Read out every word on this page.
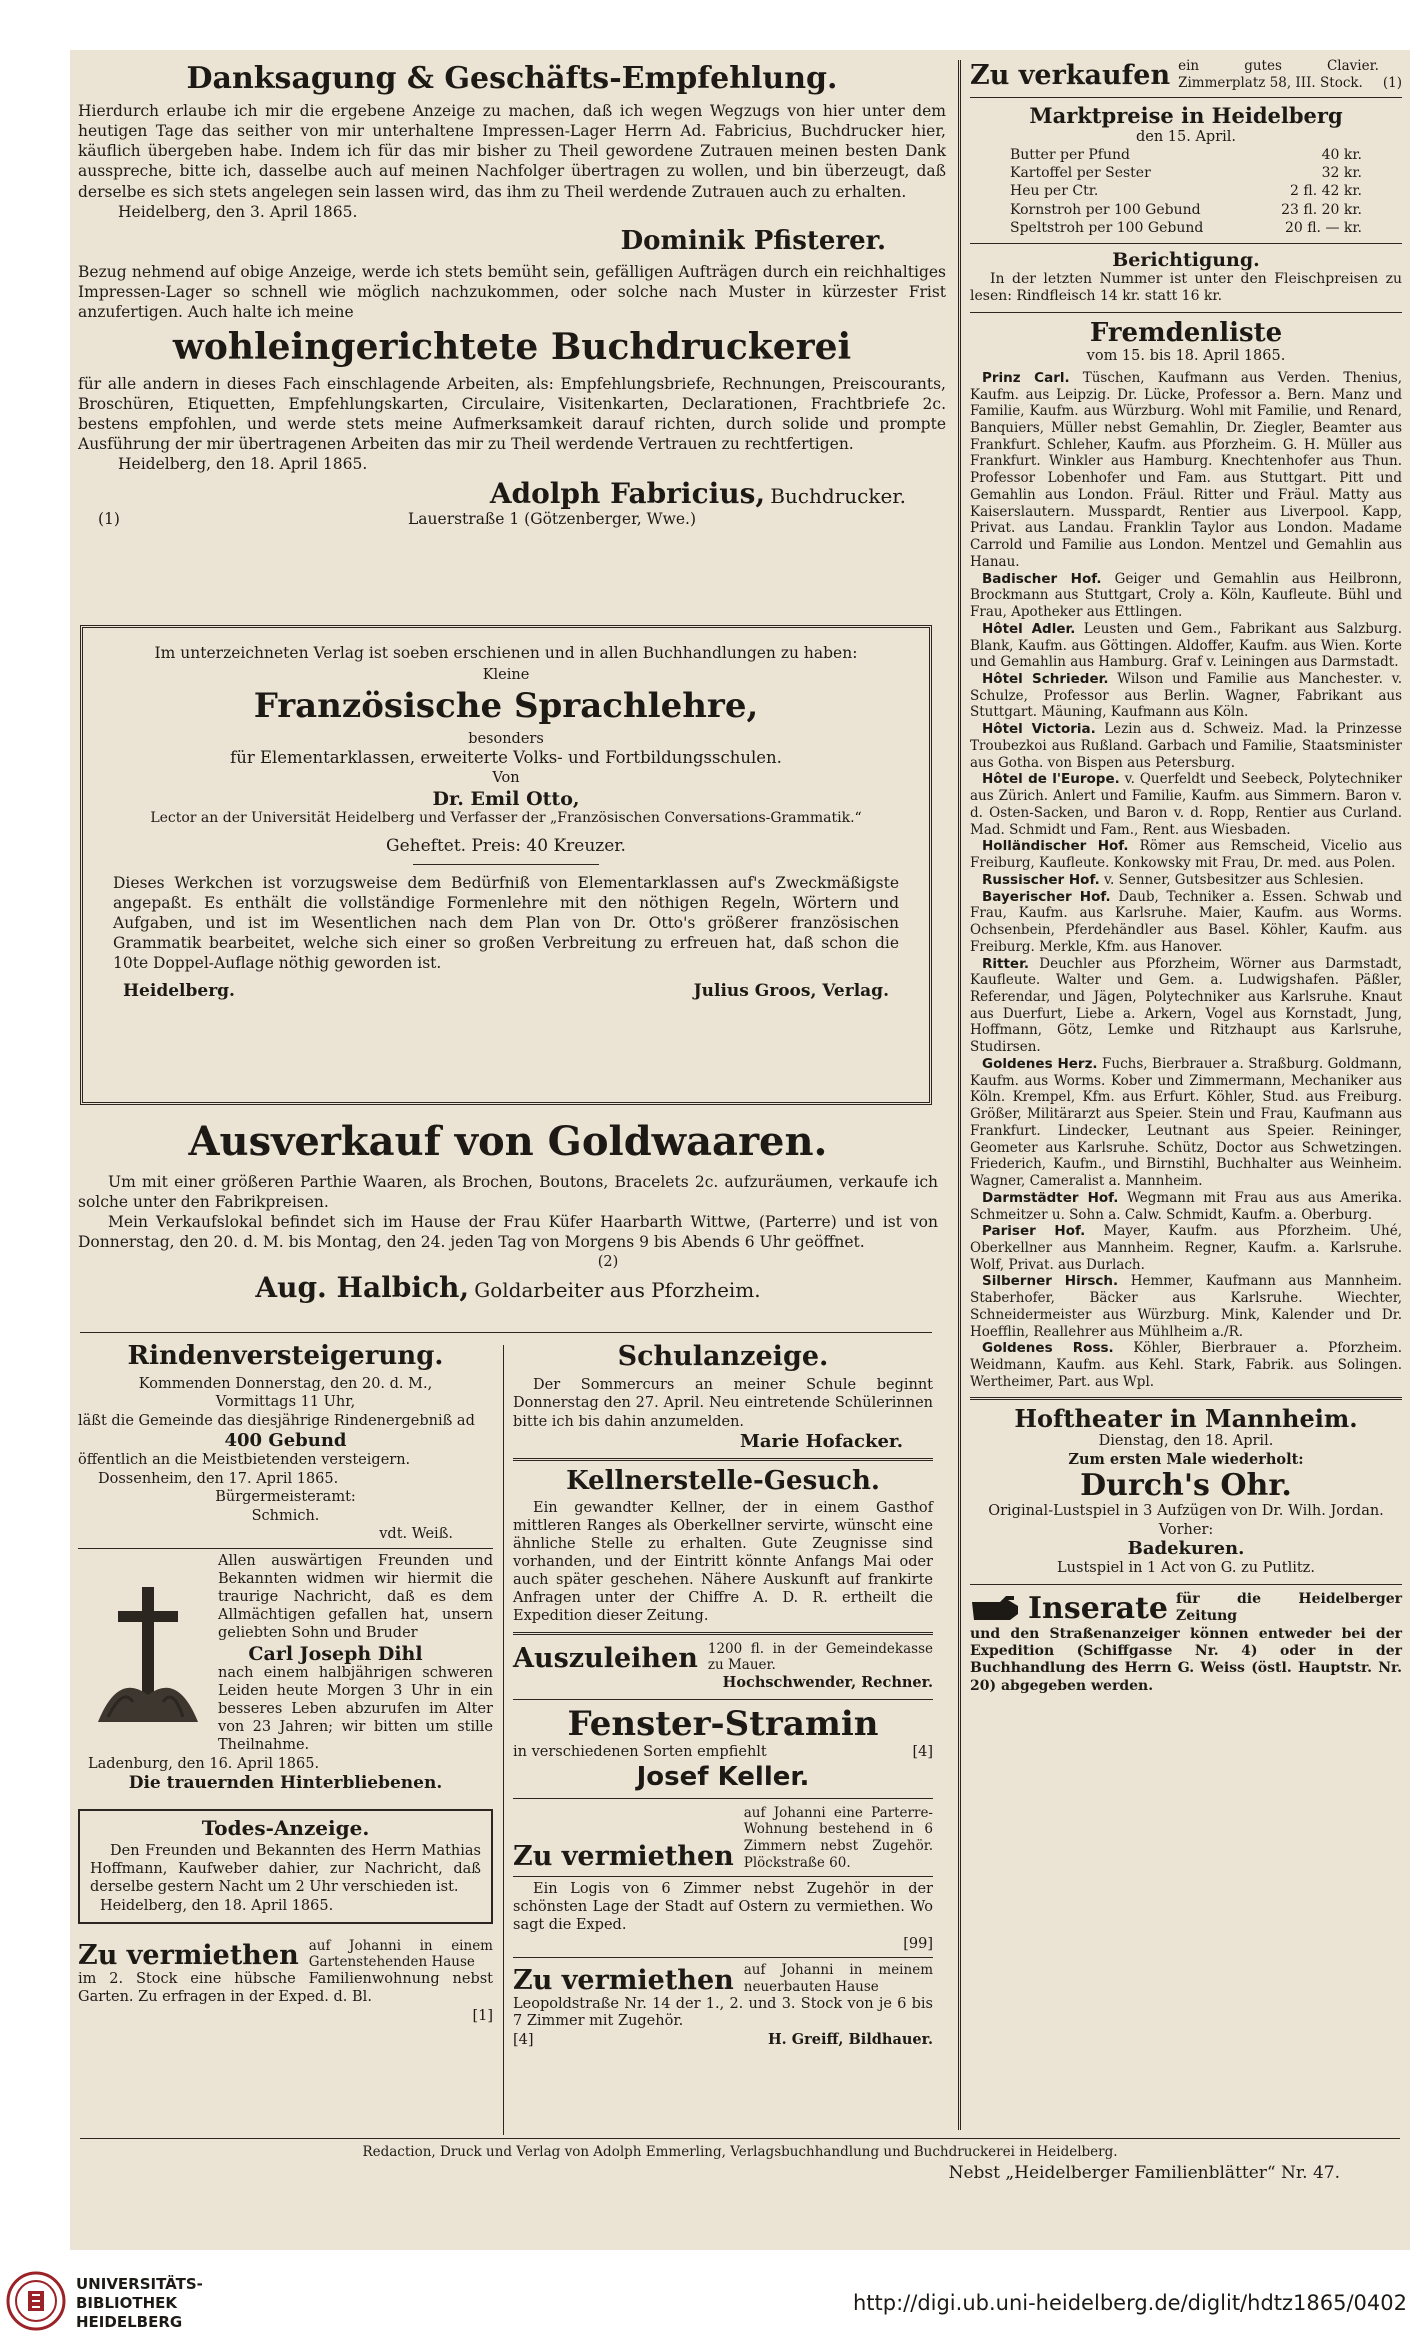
Danksagung & Geschäfts-Empfehlung.

Hierdurch erlaube ich mir die ergebene Anzeige zu machen, daß ich wegen Wegzugs von hier unter dem heutigen Tage das seither von mir unterhaltene Impressen-Lager Herrn Ad. Fabricius, Buchdrucker hier, käuflich übergeben habe. Indem ich für das mir bisher zu Theil gewordene Zutrauen meinen besten Dank ausspreche, bitte ich, dasselbe auch auf meinen Nachfolger übertragen zu wollen, und bin überzeugt, daß derselbe es sich stets angelegen sein lassen wird, das ihm zu Theil werdende Zutrauen auch zu erhalten.

Heidelberg, den 3. April 1865.

Dominik Pfisterer.

Bezug nehmend auf obige Anzeige, werde ich stets bemüht sein, gefälligen Aufträgen durch ein reichhaltiges Impressen-Lager so schnell wie möglich nachzukommen, oder solche nach Muster in kürzester Frist anzufertigen. Auch halte ich meine

wohleingerichtete Buchdruckerei

für alle andern in dieses Fach einschlagende Arbeiten, als: Empfehlungsbriefe, Rechnungen, Preiscourants, Broschüren, Etiquetten, Empfehlungskarten, Circulaire, Visitenkarten, Declarationen, Frachtbriefe 2c. bestens empfohlen, und werde stets meine Aufmerksamkeit darauf richten, durch solide und prompte Ausführung der mir übertragenen Arbeiten das mir zu Theil werdende Vertrauen zu rechtfertigen.

Heidelberg, den 18. April 1865.

Adolph Fabricius, Buchdrucker.
(1)	Lauerstraße 1 (Götzenberger, Wwe.)
Im unterzeichneten Verlag ist soeben erschienen und in allen Buchhandlungen zu haben:
Kleine
Französische Sprachlehre,
besonders
für Elementarklassen, erweiterte Volks- und Fortbildungsschulen.
Von
Dr. Emil Otto,
Lector an der Universität Heidelberg und Verfasser der „Französischen Conversations-Grammatik.“
Geheftet. Preis: 40 Kreuzer.

Dieses Werkchen ist vorzugsweise dem Bedürfniß von Elementarklassen auf's Zweckmäßigste angepaßt. Es enthält die vollständige Formenlehre mit den nöthigen Regeln, Wörtern und Aufgaben, und ist im Wesentlichen nach dem Plan von Dr. Otto's größerer französischen Grammatik bearbeitet, welche sich einer so großen Verbreitung zu erfreuen hat, daß schon die 10te Doppel-Auflage nöthig geworden ist.

Heidelberg.	Julius Groos, Verlag.
Ausverkauf von Goldwaaren.

Um mit einer größeren Parthie Waaren, als Brochen, Boutons, Bracelets 2c. aufzuräumen, verkaufe ich solche unter den Fabrikpreisen.

Mein Verkaufslokal befindet sich im Hause der Frau Küfer Haarbarth Wittwe, (Parterre) und ist von Donnerstag, den 20. d. M. bis Montag, den 24. jeden Tag von Morgens 9 bis Abends 6 Uhr geöffnet.

(2)
Aug. Halbich, Goldarbeiter aus Pforzheim.
Rindenversteigerung.
Kommenden Donnerstag, den 20. d. M.,
Vormittags 11 Uhr,

läßt die Gemeinde das diesjährige Rindenergebniß ad

400 Gebund

öffentlich an die Meistbietenden versteigern.

Dossenheim, den 17. April 1865.
Bürgermeisteramt:
Schmich.
vdt. Weiß.

Allen auswärtigen Freunden und Bekannten widmen wir hiermit die traurige Nachricht, daß es dem Allmächtigen gefallen hat, unsern geliebten Sohn und Bruder

Carl Joseph Dihl

nach einem halbjährigen schweren Leiden heute Morgen 3 Uhr in ein besseres Leben abzurufen im Alter von 23 Jahren; wir bitten um stille Theilnahme.

Ladenburg, den 16. April 1865.
Die trauernden Hinterbliebenen.
Todes-Anzeige.

Den Freunden und Bekannten des Herrn Mathias Hoffmann, Kaufweber dahier, zur Nachricht, daß derselbe gestern Nacht um 2 Uhr verschieden ist.

Heidelberg, den 18. April 1865.
Zu vermiethen auf Johanni in einem Gartenstehenden Hause

im 2. Stock eine hübsche Familienwohnung nebst Garten. Zu erfragen in der Exped. d. Bl.

[1]
Schulanzeige.

Der Sommercurs an meiner Schule beginnt Donnerstag den 27. April. Neu eintretende Schülerinnen bitte ich bis dahin anzumelden.

Marie Hofacker.
Kellnerstelle-Gesuch.

Ein gewandter Kellner, der in einem Gasthof mittleren Ranges als Oberkellner servirte, wünscht eine ähnliche Stelle zu erhalten. Gute Zeugnisse sind vorhanden, und der Eintritt könnte Anfangs Mai oder auch später geschehen. Nähere Auskunft auf frankirte Anfragen unter der Chiffre A. D. R. ertheilt die Expedition dieser Zeitung.

Auszuleihen 1200 fl. in der Gemeindekasse zu Mauer.
Hochschwender, Rechner.
Fenster-Stramin
in verschiedenen Sorten empfiehlt	[4]
Josef Keller.
Zu vermiethen
auf Johanni eine Parterre-Wohnung bestehend in 6 Zimmern nebst Zugehör. Plöckstraße 60.

Ein Logis von 6 Zimmer nebst Zugehör in der schönsten Lage der Stadt auf Ostern zu vermiethen. Wo sagt die Exped.

[99]
Zu vermiethen auf Johanni in meinem neuerbauten Hause

Leopoldstraße Nr. 14 der 1., 2. und 3. Stock von je 6 bis 7 Zimmer mit Zugehör.

[4]	H. Greiff, Bildhauer.
Zu verkaufen ein gutes Clavier. Zimmerplatz 58, III. Stock.	(1)
Marktpreise in Heidelberg
den 15. April.
Butter per Pfund	40 kr.
Kartoffel per Sester	32 kr.
Heu per Ctr.	2 fl. 42 kr.
Kornstroh per 100 Gebund	23 fl. 20 kr.
Speltstroh per 100 Gebund	20 fl. — kr.
Berichtigung.

In der letzten Nummer ist unter den Fleischpreisen zu lesen: Rindfleisch 14 kr. statt 16 kr.

Fremdenliste
vom 15. bis 18. April 1865.

Prinz Carl. Tüschen, Kaufmann aus Verden. Thenius, Kaufm. aus Leipzig. Dr. Lücke, Professor a. Bern. Manz und Familie, Kaufm. aus Würzburg. Wohl mit Familie, und Renard, Banquiers, Müller nebst Gemahlin, Dr. Ziegler, Beamter aus Frankfurt. Schleher, Kaufm. aus Pforzheim. G. H. Müller aus Frankfurt. Winkler aus Hamburg. Knechtenhofer aus Thun. Professor Lobenhofer und Fam. aus Stuttgart. Pitt und Gemahlin aus London. Fräul. Ritter und Fräul. Matty aus Kaiserslautern. Musspardt, Rentier aus Liverpool. Kapp, Privat. aus Landau. Franklin Taylor aus London. Madame Carrold und Familie aus London. Mentzel und Gemahlin aus Hanau.

Badischer Hof. Geiger und Gemahlin aus Heilbronn, Brockmann aus Stuttgart, Croly a. Köln, Kaufleute. Bühl und Frau, Apotheker aus Ettlingen.

Hôtel Adler. Leusten und Gem., Fabrikant aus Salzburg. Blank, Kaufm. aus Göttingen. Aldoffer, Kaufm. aus Wien. Korte und Gemahlin aus Hamburg. Graf v. Leiningen aus Darmstadt.

Hôtel Schrieder. Wilson und Familie aus Manchester. v. Schulze, Professor aus Berlin. Wagner, Fabrikant aus Stuttgart. Mäuning, Kaufmann aus Köln.

Hôtel Victoria. Lezin aus d. Schweiz. Mad. la Prinzesse Troubezkoi aus Rußland. Garbach und Familie, Staatsminister aus Gotha. von Bispen aus Petersburg.

Hôtel de l'Europe. v. Querfeldt und Seebeck, Polytechniker aus Zürich. Anlert und Familie, Kaufm. aus Simmern. Baron v. d. Osten-Sacken, und Baron v. d. Ropp, Rentier aus Curland. Mad. Schmidt und Fam., Rent. aus Wiesbaden.

Holländischer Hof. Römer aus Remscheid, Vicelio aus Freiburg, Kaufleute. Konkowsky mit Frau, Dr. med. aus Polen.

Russischer Hof. v. Senner, Gutsbesitzer aus Schlesien.

Bayerischer Hof. Daub, Techniker a. Essen. Schwab und Frau, Kaufm. aus Karlsruhe. Maier, Kaufm. aus Worms. Ochsenbein, Pferdehändler aus Basel. Köhler, Kaufm. aus Freiburg. Merkle, Kfm. aus Hanover.

Ritter. Deuchler aus Pforzheim, Wörner aus Darmstadt, Kaufleute. Walter und Gem. a. Ludwigshafen. Päßler, Referendar, und Jägen, Polytechniker aus Karlsruhe. Knaut aus Duerfurt, Liebe a. Arkern, Vogel aus Kornstadt, Jung, Hoffmann, Götz, Lemke und Ritzhaupt aus Karlsruhe, Studirsen.

Goldenes Herz. Fuchs, Bierbrauer a. Straßburg. Goldmann, Kaufm. aus Worms. Kober und Zimmermann, Mechaniker aus Köln. Krempel, Kfm. aus Erfurt. Köhler, Stud. aus Freiburg. Größer, Militärarzt aus Speier. Stein und Frau, Kaufmann aus Frankfurt. Lindecker, Leutnant aus Speier. Reininger, Geometer aus Karlsruhe. Schütz, Doctor aus Schwetzingen. Friederich, Kaufm., und Birnstihl, Buchhalter aus Weinheim. Wagner, Cameralist a. Mannheim.

Darmstädter Hof. Wegmann mit Frau aus aus Amerika. Schmeitzer u. Sohn a. Calw. Schmidt, Kaufm. a. Oberburg.

Pariser Hof. Mayer, Kaufm. aus Pforzheim. Uhé, Oberkellner aus Mannheim. Regner, Kaufm. a. Karlsruhe. Wolf, Privat. aus Durlach.

Silberner Hirsch. Hemmer, Kaufmann aus Mannheim. Staberhofer, Bäcker aus Karlsruhe. Wiechter, Schneidermeister aus Würzburg. Mink, Kalender und Dr. Hoefflin, Reallehrer aus Mühlheim a./R.

Goldenes Ross. Köhler, Bierbrauer a. Pforzheim. Weidmann, Kaufm. aus Kehl. Stark, Fabrik. aus Solingen. Wertheimer, Part. aus Wpl.

Hoftheater in Mannheim.
Dienstag, den 18. April.
Zum ersten Male wiederholt:
Durch's Ohr.
Original-Lustspiel in 3 Aufzügen von Dr. Wilh. Jordan.
Vorher:
Badekuren.
Lustspiel in 1 Act von G. zu Putlitz.
Inserate für die Heidelberger Zeitung

und den Straßenanzeiger können entweder bei der Expedition (Schiffgasse Nr. 4) oder in der Buchhandlung des Herrn G. Weiss (östl. Hauptstr. Nr. 20) abgegeben werden.

Redaction, Druck und Verlag von Adolph Emmerling, Verlagsbuchhandlung und Buchdruckerei in Heidelberg.
Nebst „Heidelberger Familienblätter“ Nr. 47.
UNIVERSITÄTS-
BIBLIOTHEK
HEIDELBERG
http://digi.ub.uni-heidelberg.de/diglit/hdtz1865/0402
